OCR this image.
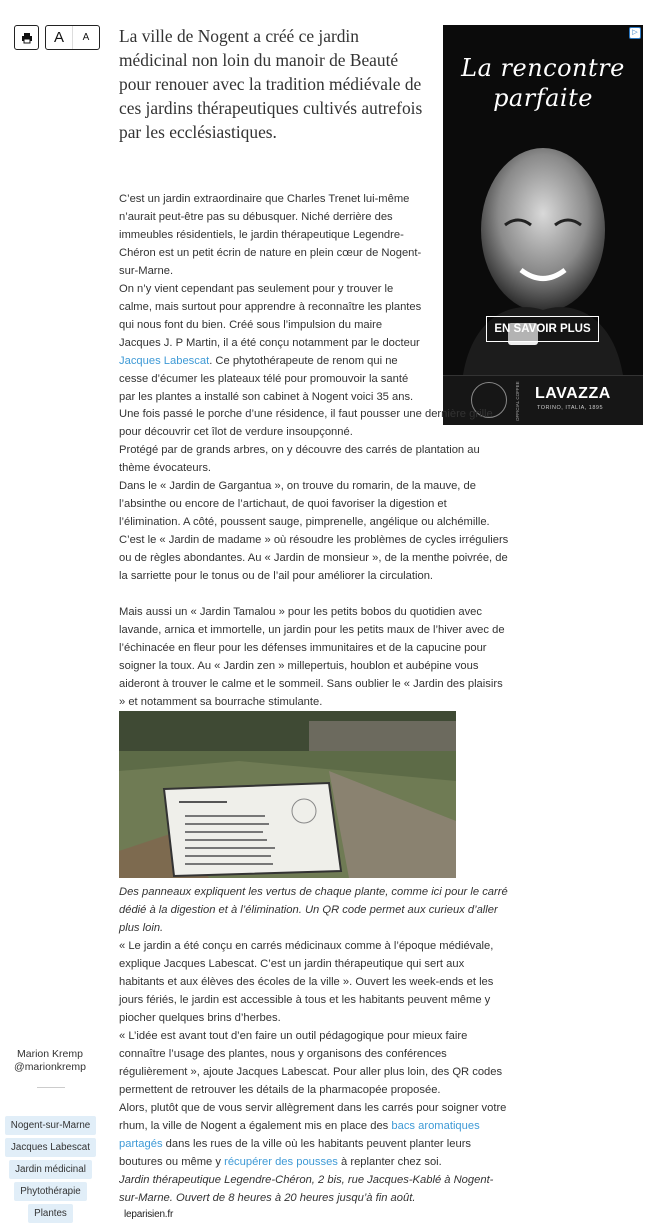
A	A	La ville de Nogent a créé ce jardin médicinal non loin du manoir de Beauté pour renouer avec la tradition médiévale de ces jardins thérapeutiques cultivés autrefois par les ecclésiastiques.
La rencontre parfaite
EN SAVOIR PLUS
OFFICIAL COFFEE LAVAZZA
TORINO, ITALIA, 1895
▷

C’est un jardin extraordinaire que Charles Trenet lui-même n’aurait peut-être pas su débusquer. Niché derrière des immeubles résidentiels, le jardin thérapeutique Legendre-Chéron est un petit écrin de nature en plein cœur de Nogent-sur-Marne.

On n’y vient cependant pas seulement pour y trouver le calme, mais surtout pour apprendre à reconnaître les plantes qui nous font du bien. Créé sous l’impulsion du maire Jacques J. P Martin, il a été conçu notamment par le docteur Jacques Labescat. Ce phytothérapeute de renom qui ne cesse d’écumer les plateaux télé pour promouvoir la santé par les plantes a installé son cabinet à Nogent voici 35 ans.

Une fois passé le porche d’une résidence, il faut pousser une dernière grille pour découvrir cet îlot de verdure insoupçonné.

Protégé par de grands arbres, on y découvre des carrés de plantation au thème évocateurs.

Dans le « Jardin de Gargantua », on trouve du romarin, de la mauve, de l’absinthe ou encore de l’artichaut, de quoi favoriser la digestion et l’élimination. A côté, poussent sauge, pimprenelle, angélique ou alchémille. C’est le « Jardin de madame » où résoudre les problèmes de cycles irréguliers ou de règles abondantes. Au « Jardin de monsieur », de la menthe poivrée, de la sarriette pour le tonus ou de l’ail pour améliorer la circulation.

Mais aussi un « Jardin Tamalou » pour les petits bobos du quotidien avec lavande, arnica et immortelle, un jardin pour les petits maux de l’hiver avec de l’échinacée en fleur pour les défenses immunitaires et de la capucine pour soigner la toux. Au « Jardin zen » millepertuis, houblon et aubépine vous aideront à trouver le calme et le sommeil. Sans oublier le « Jardin des plaisirs » et notamment sa bourrache stimulante.

Des panneaux expliquent les vertus de chaque plante, comme ici pour le carré dédié à la digestion et à l’élimination. Un QR code permet aux curieux d’aller plus loin.

« Le jardin a été conçu en carrés médicinaux comme à l’époque médiévale, explique Jacques Labescat. C’est un jardin thérapeutique qui sert aux habitants et aux élèves des écoles de la ville ». Ouvert les week-ends et les jours fériés, le jardin est accessible à tous et les habitants peuvent même y piocher quelques brins d’herbes.

« L’idée est avant tout d’en faire un outil pédagogique pour mieux faire connaître l’usage des plantes, nous y organisons des conférences régulièrement », ajoute Jacques Labescat. Pour aller plus loin, des QR codes permettent de retrouver les détails de la pharmacopée proposée.

Alors, plutôt que de vous servir allègrement dans les carrés pour soigner votre rhum, la ville de Nogent a également mis en place des bacs aromatiques partagés dans les rues de la ville où les habitants peuvent planter leurs boutures ou même y récupérer des pousses à replanter chez soi.

Jardin thérapeutique Legendre-Chéron, 2 bis, rue Jacques-Kablé à Nogent-sur-Marne. Ouvert de 8 heures à 20 heures jusqu’à fin août.

Marion Kremp
@marionkremp
Nogent-sur-Marne
Jacques Labescat
Jardin médicinal
Phytothérapie
Plantes	leparisien.fr
